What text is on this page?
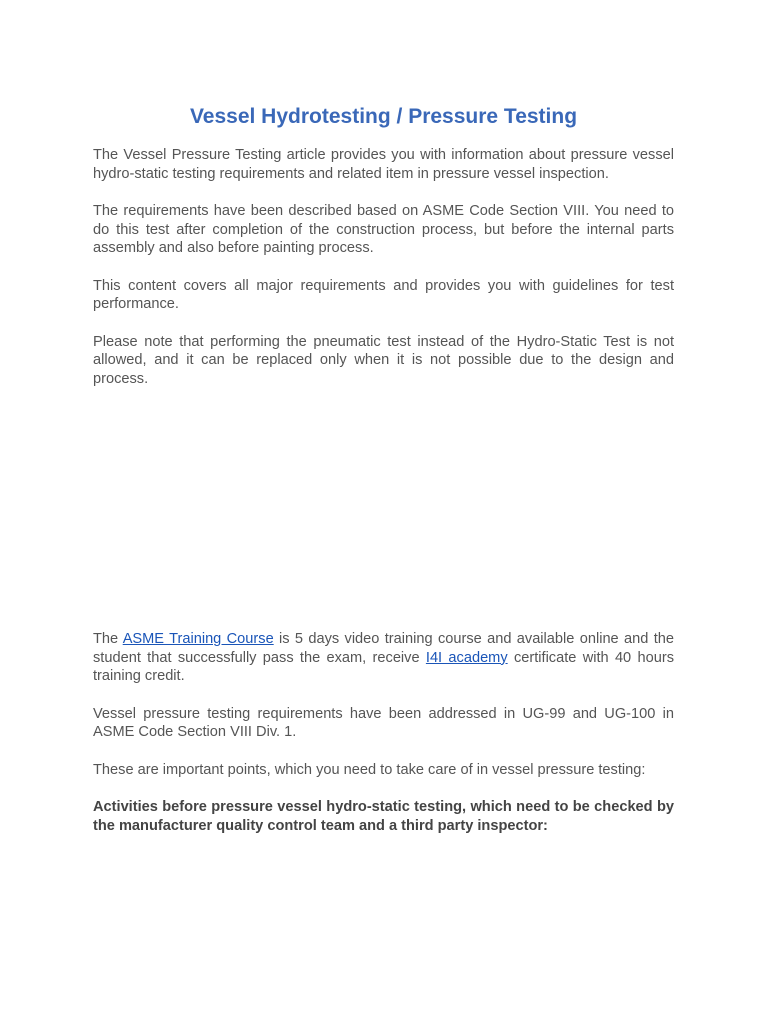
Vessel Hydrotesting / Pressure Testing

The Vessel Pressure Testing article provides you with information about pressure vessel hydro-static testing requirements and related item in pressure vessel inspection.

The requirements have been described based on ASME Code Section VIII. You need to do this test after completion of the construction process, but before the internal parts assembly and also before painting process.

This content covers all major requirements and provides you with guidelines for test performance.

Please note that performing the pneumatic test instead of the Hydro-Static Test is not allowed, and it can be replaced only when it is not possible due to the design and process.

The ASME Training Course is 5 days video training course and available online and the student that successfully pass the exam, receive I4I academy certificate with 40 hours training credit.

Vessel pressure testing requirements have been addressed in UG-99 and UG-100 in ASME Code Section VIII Div. 1.

These are important points, which you need to take care of in vessel pressure testing:

Activities before pressure vessel hydro-static testing, which need to be checked by the manufacturer quality control team and a third party inspector:
